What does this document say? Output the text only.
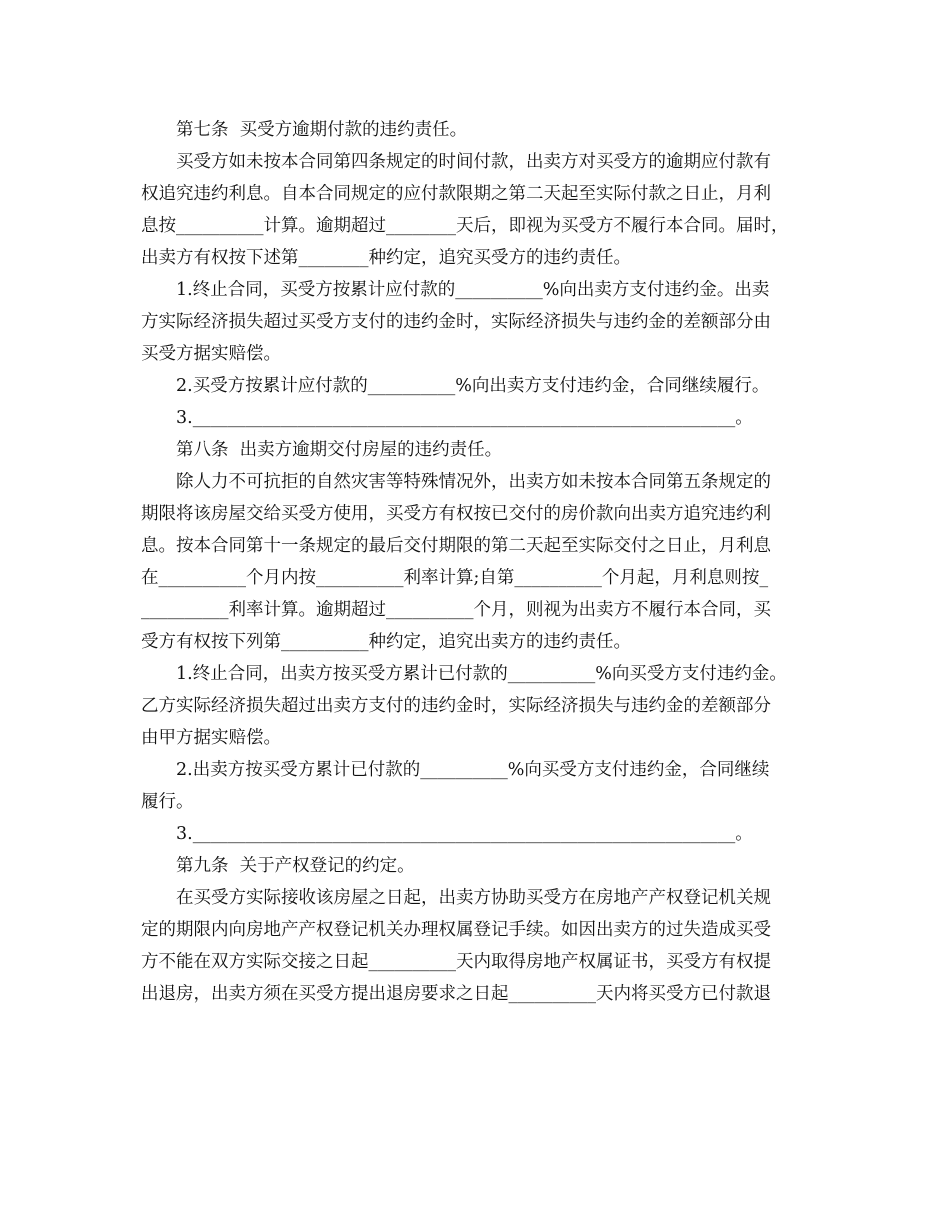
第七条  买受方逾期付款的违约责任。
买受方如未按本合同第四条规定的时间付款，出卖方对买受方的逾期应付款有
权追究违约利息。自本合同规定的应付款限期之第二天起至实际付款之日止，月利
息按__________计算。逾期超过________天后，即视为买受方不履行本合同。届时，
出卖方有权按下述第________种约定，追究买受方的违约责任。
1.终止合同，买受方按累计应付款的__________%向出卖方支付违约金。出卖
方实际经济损失超过买受方支付的违约金时，实际经济损失与违约金的差额部分由
买受方据实赔偿。
2.买受方按累计应付款的__________%向出卖方支付违约金，合同继续履行。
3.______________________________________________________________。
第八条  出卖方逾期交付房屋的违约责任。
除人力不可抗拒的自然灾害等特殊情况外，出卖方如未按本合同第五条规定的
期限将该房屋交给买受方使用，买受方有权按已交付的房价款向出卖方追究违约利
息。按本合同第十一条规定的最后交付期限的第二天起至实际交付之日止，月利息
在__________个月内按__________利率计算;自第__________个月起，月利息则按_
__________利率计算。逾期超过__________个月，则视为出卖方不履行本合同，买
受方有权按下列第__________种约定，追究出卖方的违约责任。
1.终止合同，出卖方按买受方累计已付款的__________%向买受方支付违约金。
乙方实际经济损失超过出卖方支付的违约金时，实际经济损失与违约金的差额部分
由甲方据实赔偿。
2.出卖方按买受方累计已付款的__________%向买受方支付违约金，合同继续
履行。
3.______________________________________________________________。
第九条  关于产权登记的约定。
在买受方实际接收该房屋之日起，出卖方协助买受方在房地产产权登记机关规
定的期限内向房地产产权登记机关办理权属登记手续。如因出卖方的过失造成买受
方不能在双方实际交接之日起__________天内取得房地产权属证书，买受方有权提
出退房，出卖方须在买受方提出退房要求之日起__________天内将买受方已付款退
